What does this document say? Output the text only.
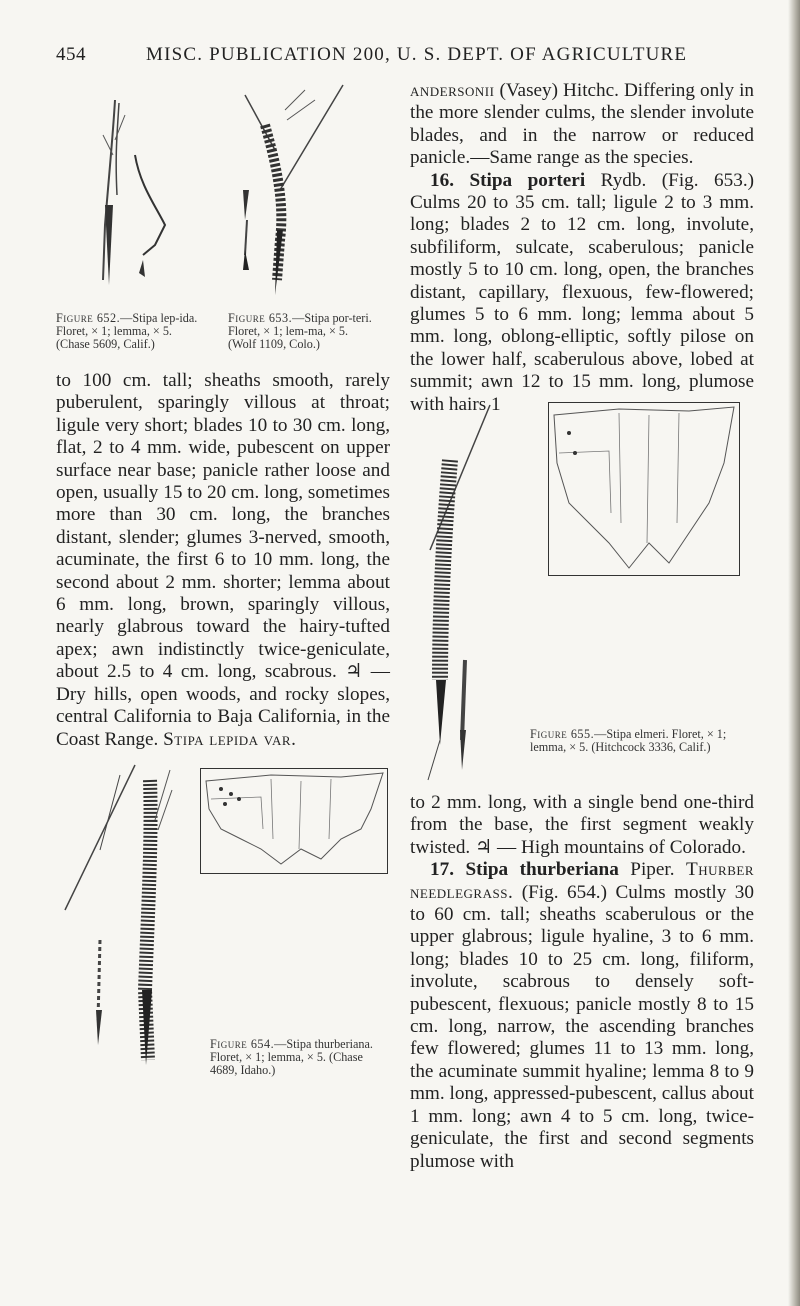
454	MISC. PUBLICATION 200, U. S. DEPT. OF AGRICULTURE
Figure 652.—Stipa lep-ida. Floret, × 1; lemma, × 5. (Chase 5609, Calif.)
Figure 653.—Stipa por-teri. Floret, × 1; lem-ma, × 5. (Wolf 1109, Colo.)

to 100 cm. tall; sheaths smooth, rarely puberulent, sparingly villous at throat; ligule very short; blades 10 to 30 cm. long, flat, 2 to 4 mm. wide, pubescent on upper surface near base; panicle rather loose and open, usually 15 to 20 cm. long, sometimes more than 30 cm. long, the branches distant, slender; glumes 3-nerved, smooth, acuminate, the first 6 to 10 mm. long, the second about 2 mm. shorter; lemma about 6 mm. long, brown, sparingly villous, nearly glabrous toward the hairy-tufted apex; awn indistinctly twice-geniculate, about 2.5 to 4 cm. long, scabrous. ♃ —Dry hills, open woods, and rocky slopes, central California to Baja California, in the Coast Range. Stipa lepida var.

Figure 654.—Stipa thurberiana. Floret, × 1; lemma, × 5. (Chase 4689, Idaho.)

andersonii (Vasey) Hitchc. Differing only in the more slender culms, the slender involute blades, and in the narrow or reduced panicle.—Same range as the species.

16. Stipa porteri Rydb. (Fig. 653.) Culms 20 to 35 cm. tall; ligule 2 to 3 mm. long; blades 2 to 12 cm. long, involute, subfiliform, sulcate, scaberulous; panicle mostly 5 to 10 cm. long, open, the branches distant, capillary, flexuous, few-flowered; glumes 5 to 6 mm. long; lemma about 5 mm. long, oblong-elliptic, softly pilose on the lower half, scaberulous above, lobed at summit; awn 12 to 15 mm. long, plumose with hairs 1

Figure 655.—Stipa elmeri. Floret, × 1; lemma, × 5. (Hitchcock 3336, Calif.)

to 2 mm. long, with a single bend one-third from the base, the first segment weakly twisted. ♃ — High mountains of Colorado.

17. Stipa thurberiana Piper. Thurber needlegrass. (Fig. 654.) Culms mostly 30 to 60 cm. tall; sheaths scaberulous or the upper glabrous; ligule hyaline, 3 to 6 mm. long; blades 10 to 25 cm. long, filiform, involute, scabrous to densely soft-pubescent, flexuous; panicle mostly 8 to 15 cm. long, narrow, the ascending branches few flowered; glumes 11 to 13 mm. long, the acuminate summit hyaline; lemma 8 to 9 mm. long, appressed-pubescent, callus about 1 mm. long; awn 4 to 5 cm. long, twice-geniculate, the first and second segments plumose with
